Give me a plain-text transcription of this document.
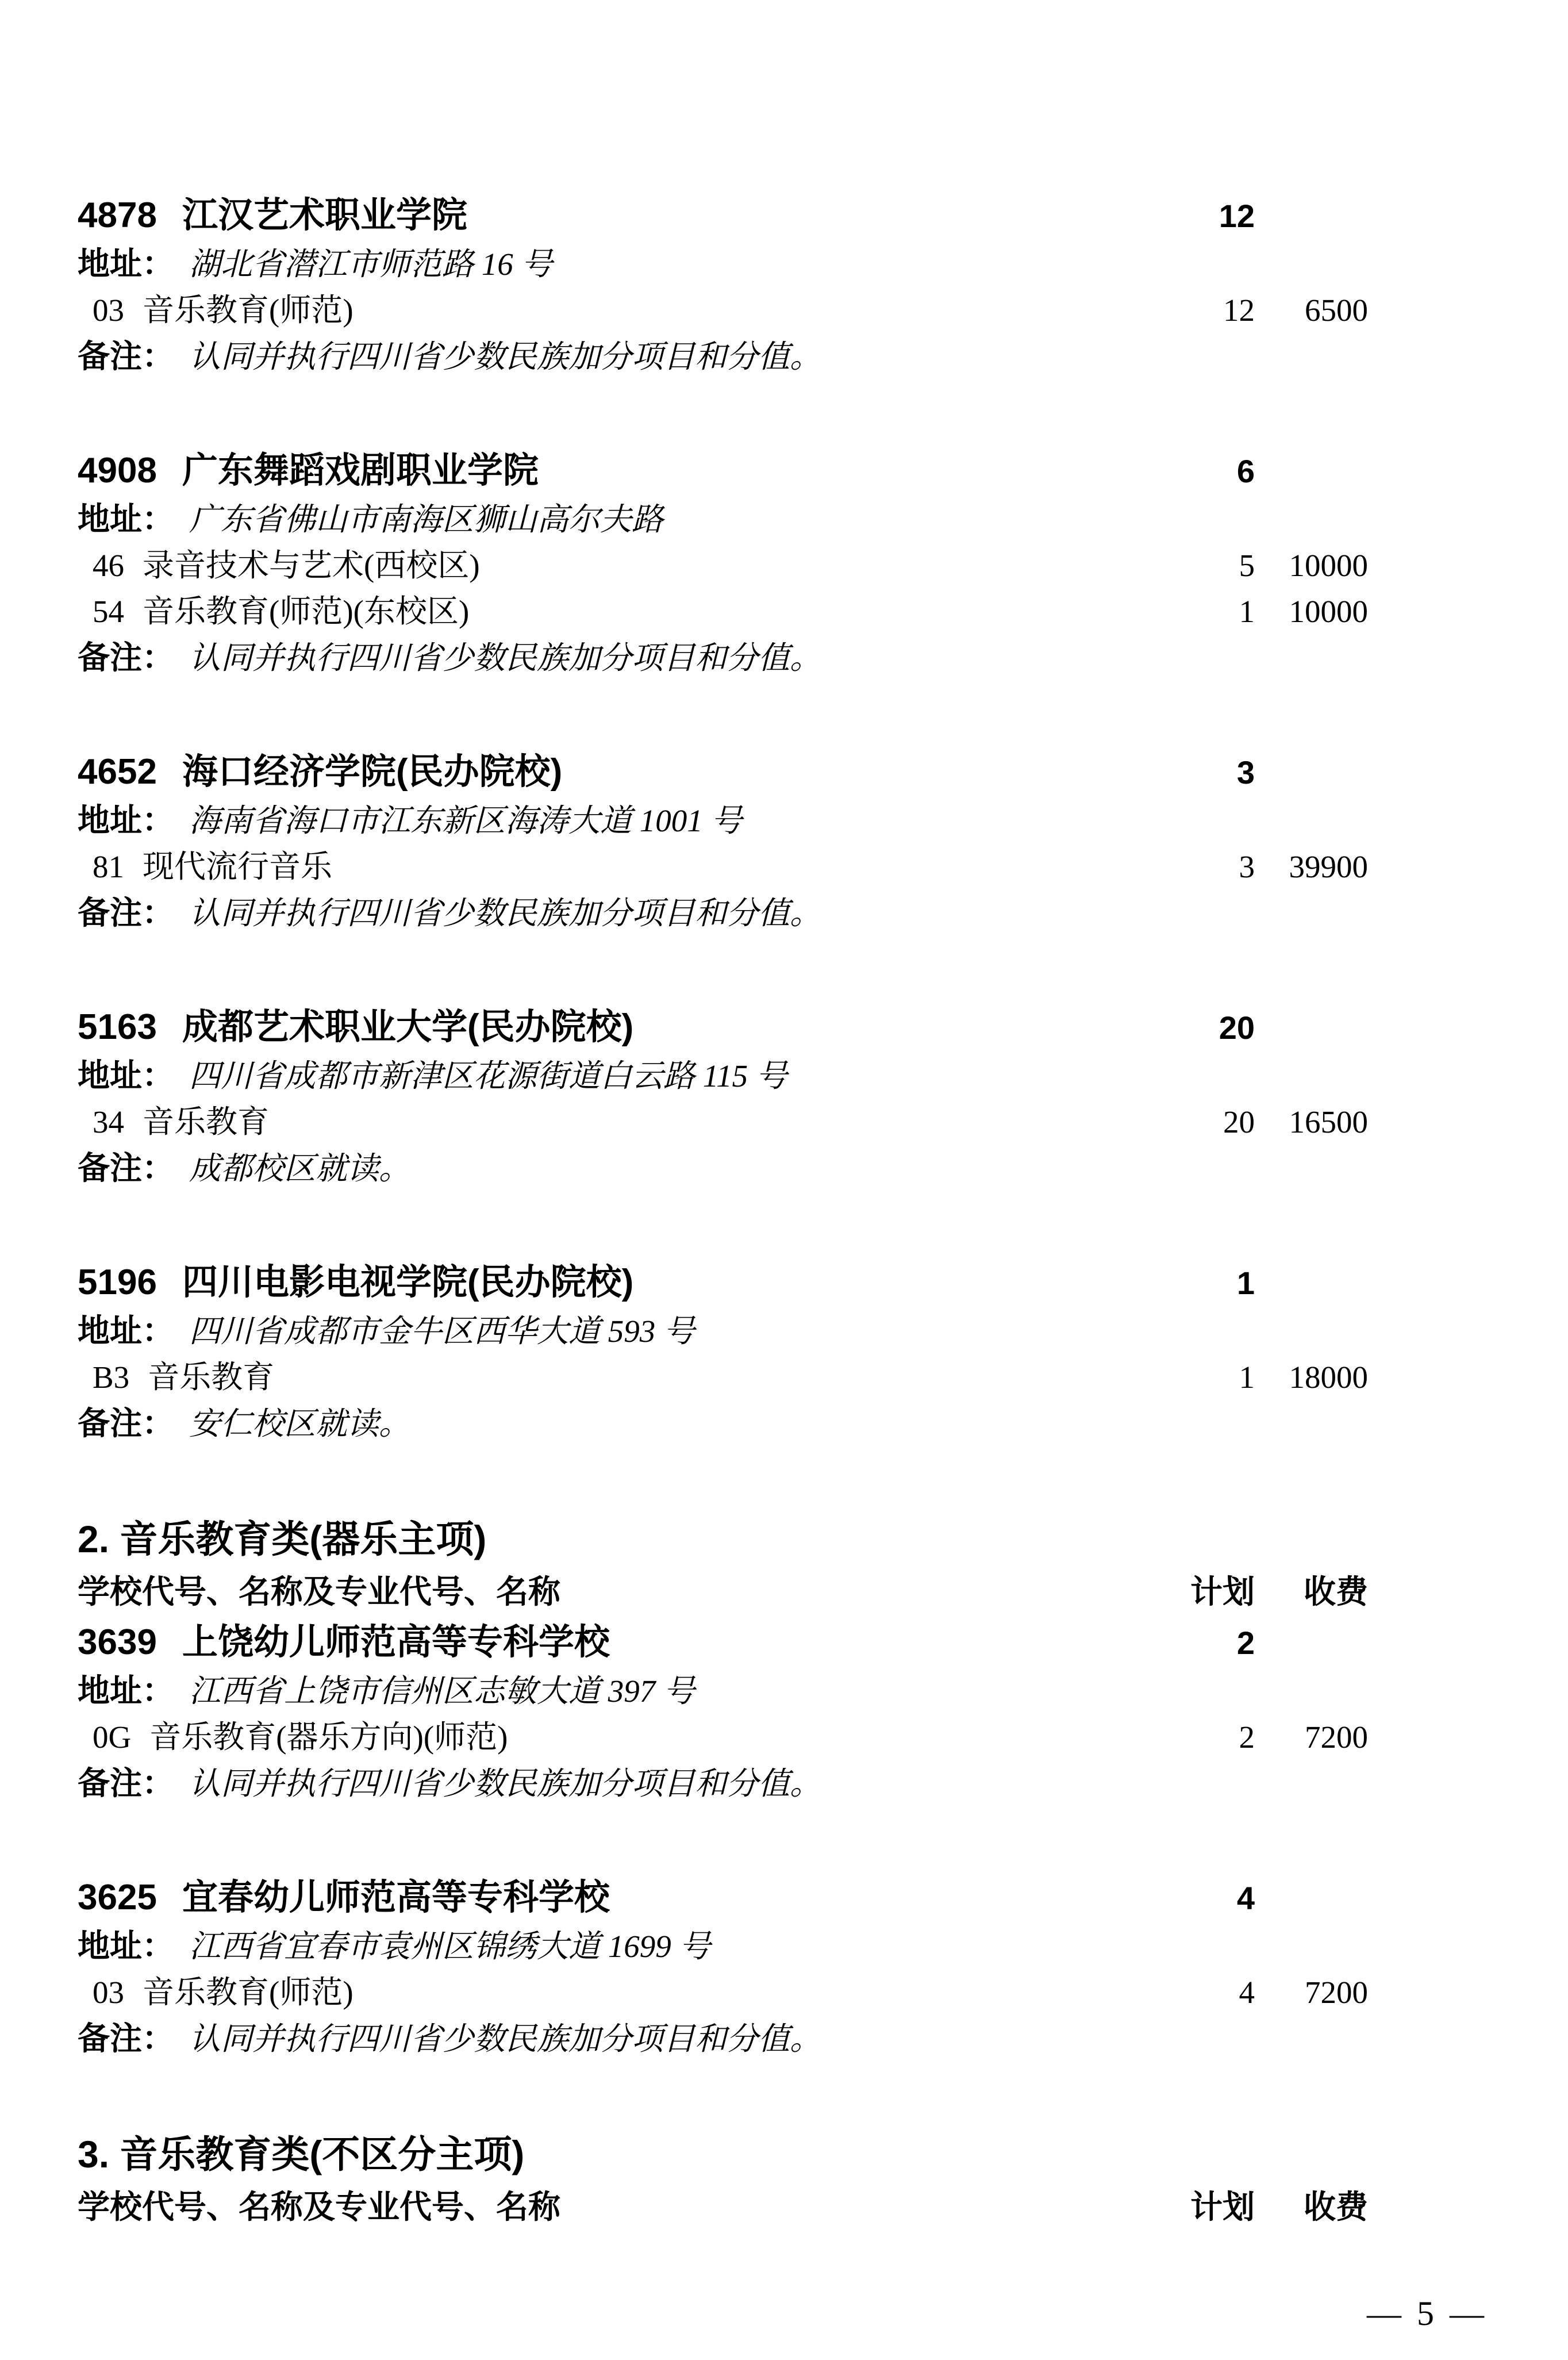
4878 江汉艺术职业学院	12
地址： 湖北省潜江市师范路 16 号
03 音乐教育(师范)	12	6500
备注： 认同并执行四川省少数民族加分项目和分值。
4908 广东舞蹈戏剧职业学院	6
地址： 广东省佛山市南海区狮山高尔夫路
46 录音技术与艺术(西校区)	5	10000
54 音乐教育(师范)(东校区)	1	10000
备注： 认同并执行四川省少数民族加分项目和分值。
4652 海口经济学院(民办院校)	3
地址： 海南省海口市江东新区海涛大道 1001 号
81 现代流行音乐	3	39900
备注： 认同并执行四川省少数民族加分项目和分值。
5163 成都艺术职业大学(民办院校)	20
地址： 四川省成都市新津区花源街道白云路 115 号
34 音乐教育	20	16500
备注： 成都校区就读。
5196 四川电影电视学院(民办院校)	1
地址： 四川省成都市金牛区西华大道 593 号
B3 音乐教育	1	18000
备注： 安仁校区就读。
2. 音乐教育类(器乐主项)
学校代号、名称及专业代号、名称	计划	收费
3639 上饶幼儿师范高等专科学校	2
地址： 江西省上饶市信州区志敏大道 397 号
0G 音乐教育(器乐方向)(师范)	2	7200
备注： 认同并执行四川省少数民族加分项目和分值。
3625 宜春幼儿师范高等专科学校	4
地址： 江西省宜春市袁州区锦绣大道 1699 号
03 音乐教育(师范)	4	7200
备注： 认同并执行四川省少数民族加分项目和分值。
3. 音乐教育类(不区分主项)
学校代号、名称及专业代号、名称	计划	收费
— 5 —
